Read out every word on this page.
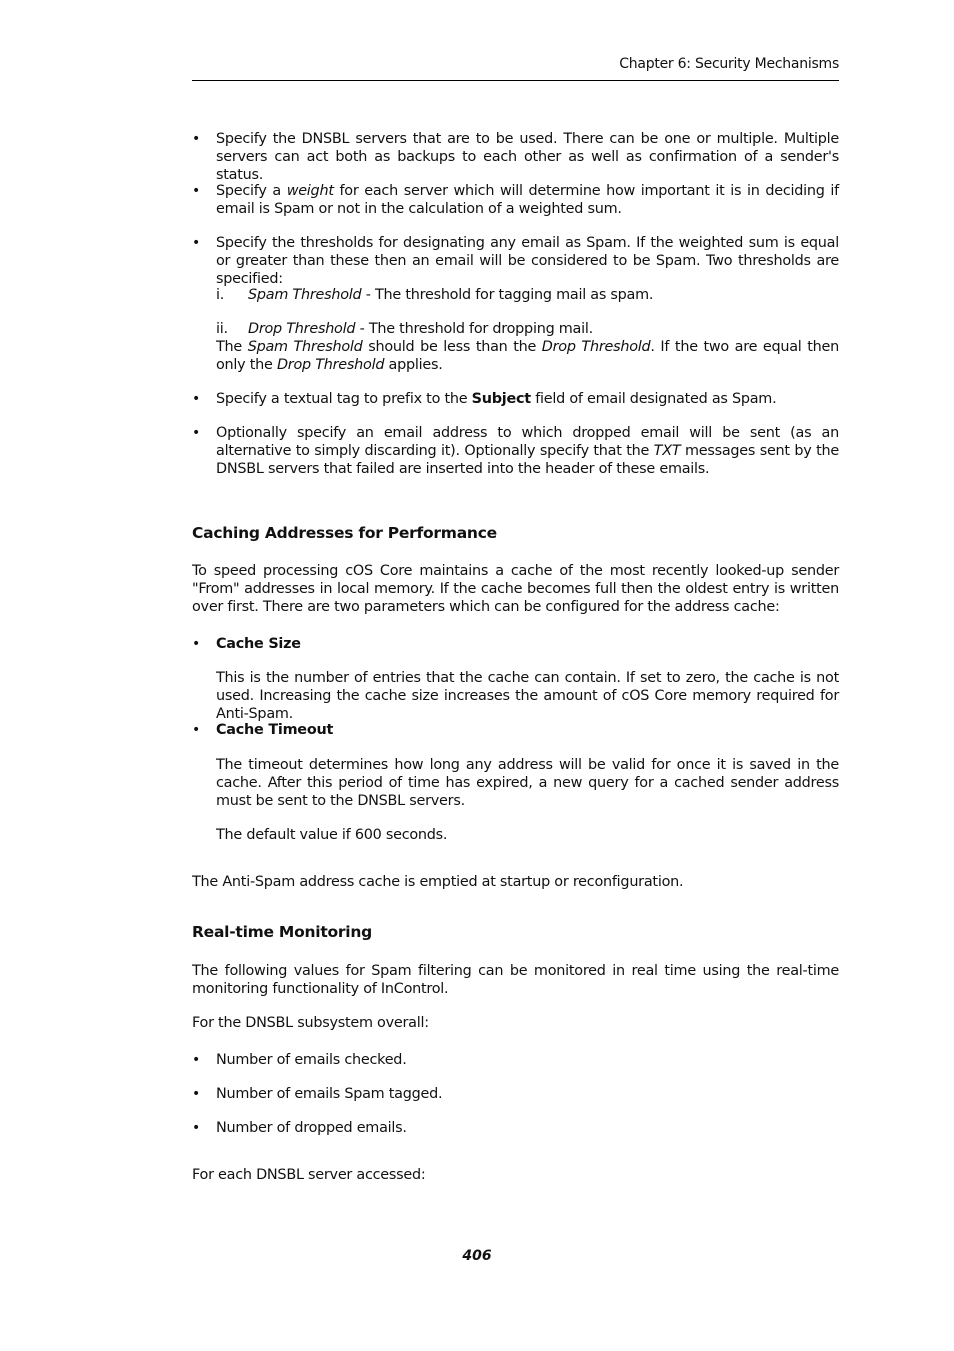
Chapter 6: Security Mechanisms
• Specify the DNSBL servers that are to be used. There can be one or multiple. Multiple servers can act both as backups to each other as well as confirmation of a sender's status.

• Specify a weight for each server which will determine how important it is in deciding if email is Spam or not in the calculation of a weighted sum.

• Specify the thresholds for designating any email as Spam. If the weighted sum is equal or greater than these then an email will be considered to be Spam. Two thresholds are specified:

i. Spam Threshold - The threshold for tagging mail as spam.

ii. Drop Threshold - The threshold for dropping mail.

The Spam Threshold should be less than the Drop Threshold. If the two are equal then only the Drop Threshold applies.

• Specify a textual tag to prefix to the Subject field of email designated as Spam.

• Optionally specify an email address to which dropped email will be sent (as an alternative to simply discarding it). Optionally specify that the TXT messages sent by the DNSBL servers that failed are inserted into the header of these emails.

Caching Addresses for Performance

To speed processing cOS Core maintains a cache of the most recently looked-up sender "From" addresses in local memory. If the cache becomes full then the oldest entry is written over first. There are two parameters which can be configured for the address cache:

• Cache Size

This is the number of entries that the cache can contain. If set to zero, the cache is not used. Increasing the cache size increases the amount of cOS Core memory required for Anti-Spam.

• Cache Timeout

The timeout determines how long any address will be valid for once it is saved in the cache. After this period of time has expired, a new query for a cached sender address must be sent to the DNSBL servers.

The default value if 600 seconds.

The Anti-Spam address cache is emptied at startup or reconfiguration.

Real-time Monitoring

The following values for Spam filtering can be monitored in real time using the real-time monitoring functionality of InControl.

For the DNSBL subsystem overall:

• Number of emails checked.

• Number of emails Spam tagged.

• Number of dropped emails.

For each DNSBL server accessed:

406
